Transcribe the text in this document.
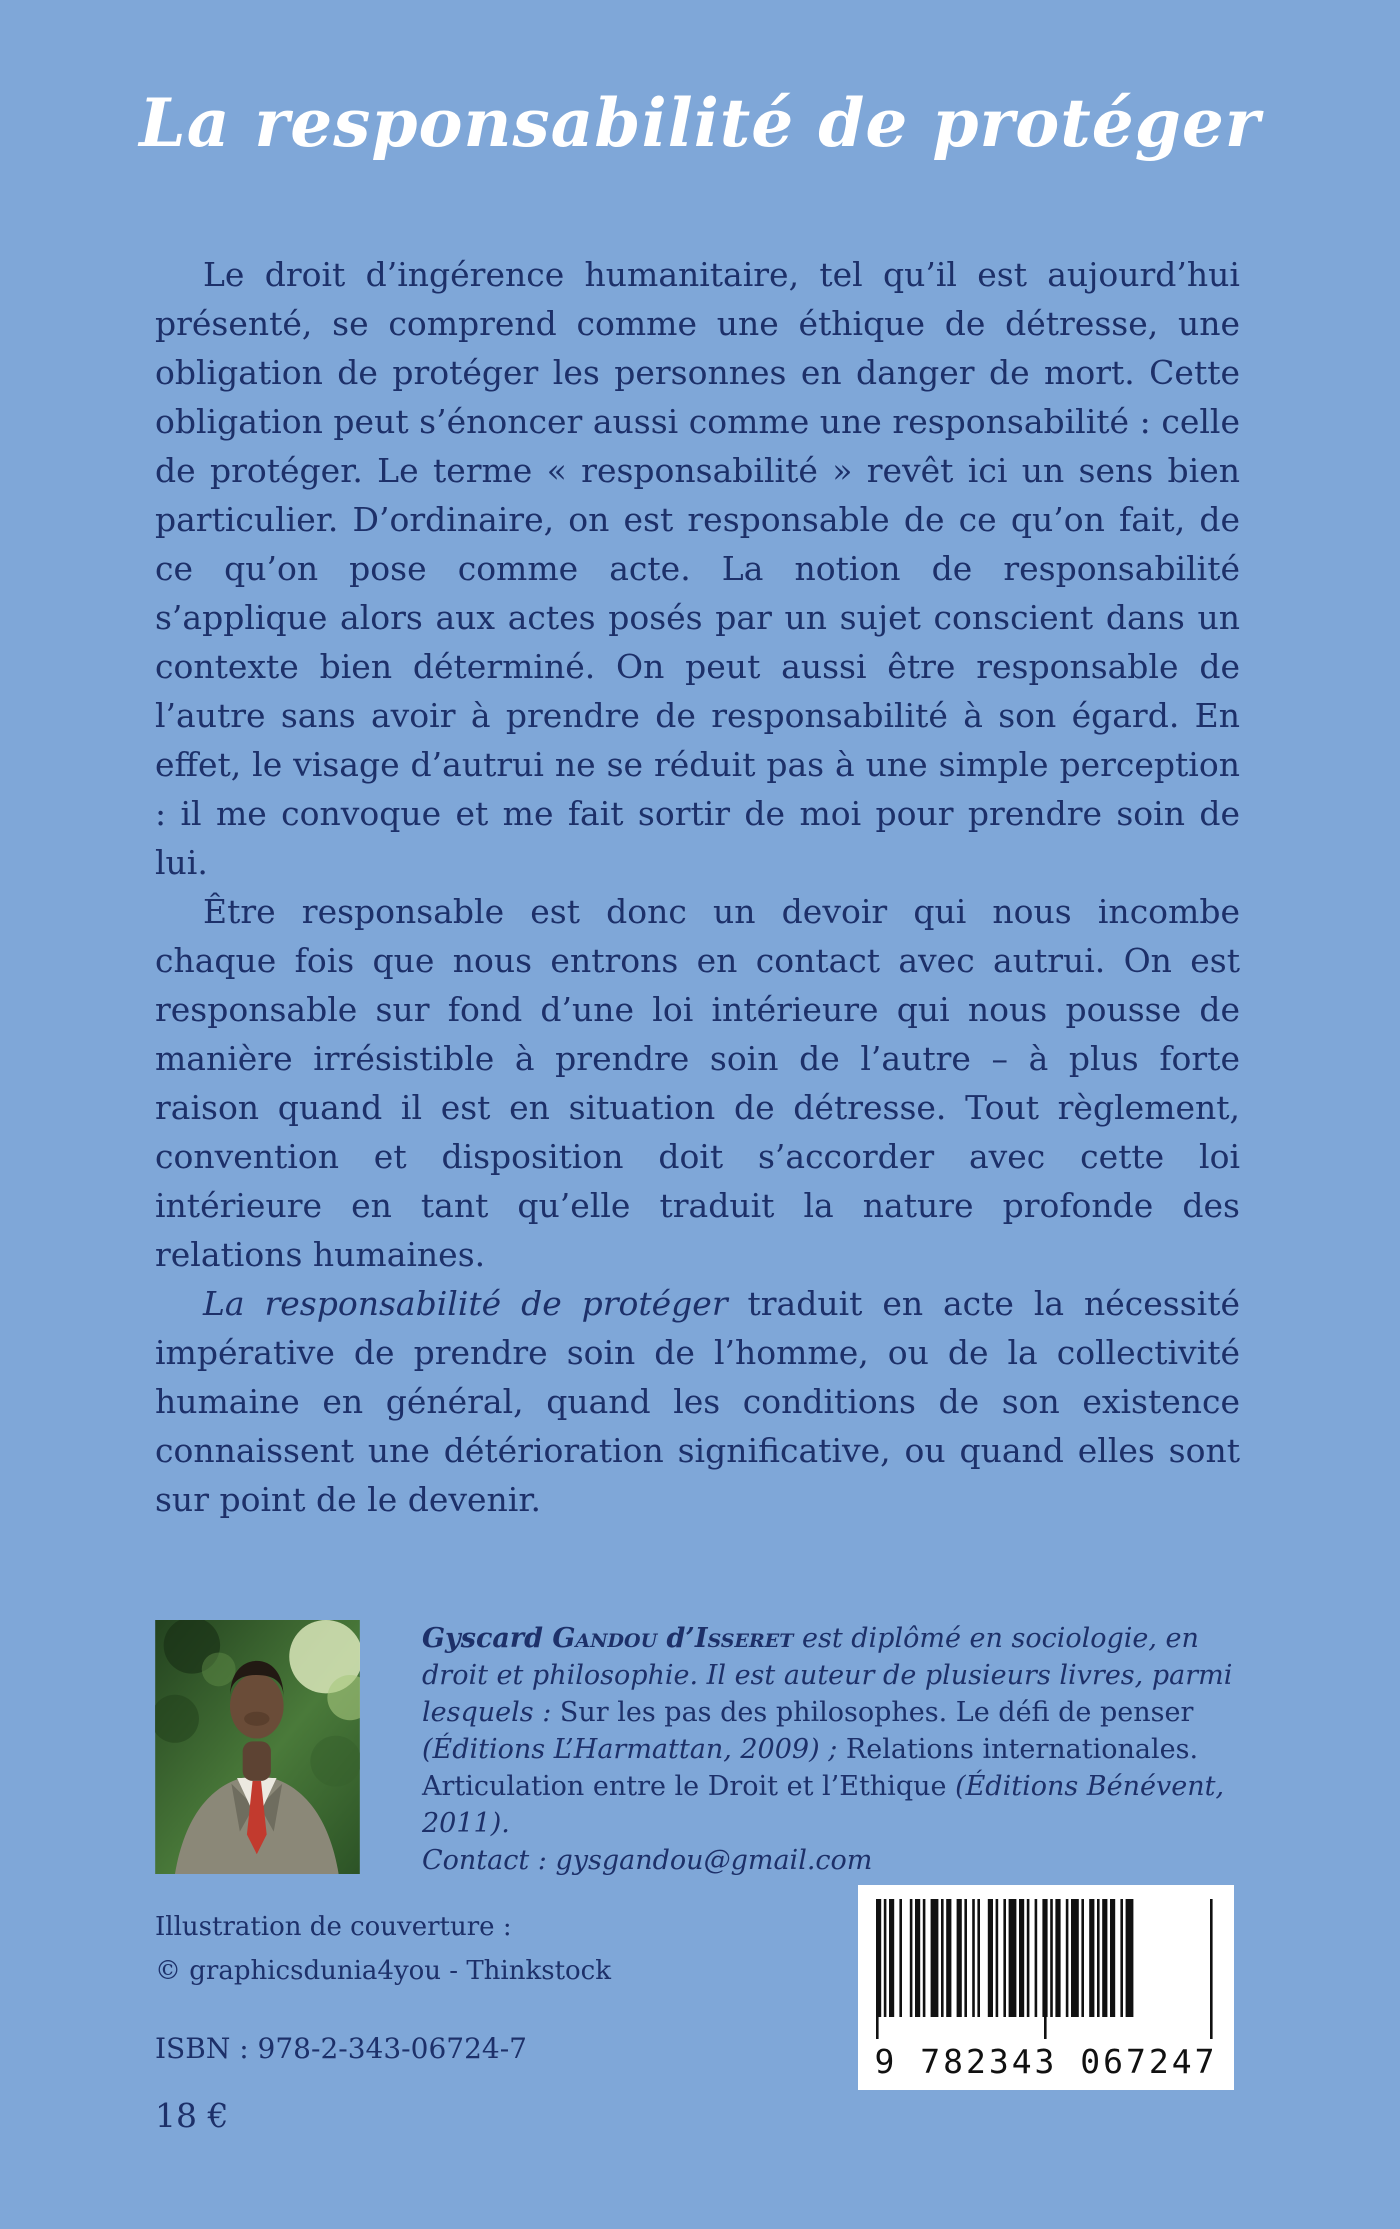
La responsabilité de protéger

Le droit d’ingérence humanitaire, tel qu’il est aujourd’hui présenté, se comprend comme une éthique de détresse, une obligation de protéger les personnes en danger de mort. Cette obligation peut s’énoncer aussi comme une responsabilité : celle de protéger. Le terme « responsabilité » revêt ici un sens bien particulier. D’ordinaire, on est responsable de ce qu’on fait, de ce qu’on pose comme acte. La notion de responsabilité s’applique alors aux actes posés par un sujet conscient dans un contexte bien déterminé. On peut aussi être responsable de l’autre sans avoir à prendre de responsabilité à son égard. En effet, le visage d’autrui ne se réduit pas à une simple perception : il me convoque et me fait sortir de moi pour prendre soin de lui.

Être responsable est donc un devoir qui nous incombe chaque fois que nous entrons en contact avec autrui. On est responsable sur fond d’une loi intérieure qui nous pousse de manière irrésistible à prendre soin de l’autre – à plus forte raison quand il est en situation de détresse. Tout règlement, convention et disposition doit s’accorder avec cette loi intérieure en tant qu’elle traduit la nature profonde des relations humaines.

La responsabilité de protéger traduit en acte la nécessité impérative de prendre soin de l’homme, ou de la collectivité humaine en général, quand les conditions de son existence connaissent une détérioration significative, ou quand elles sont sur point de le devenir.

Gyscard Gandou d’Isseret est diplômé en sociologie, en droit et philosophie. Il est auteur de plusieurs livres, parmi lesquels : Sur les pas des philosophes. Le défi de penser (Éditions L’Harmattan, 2009) ; Relations internationales. Articulation entre le Droit et l’Ethique (Éditions Bénévent, 2011).
Contact : gysgandou@gmail.com
Illustration de couverture :
© graphicsdunia4you - Thinkstock
ISBN : 978-2-343-06724-7
18 €
9 782343 067247
